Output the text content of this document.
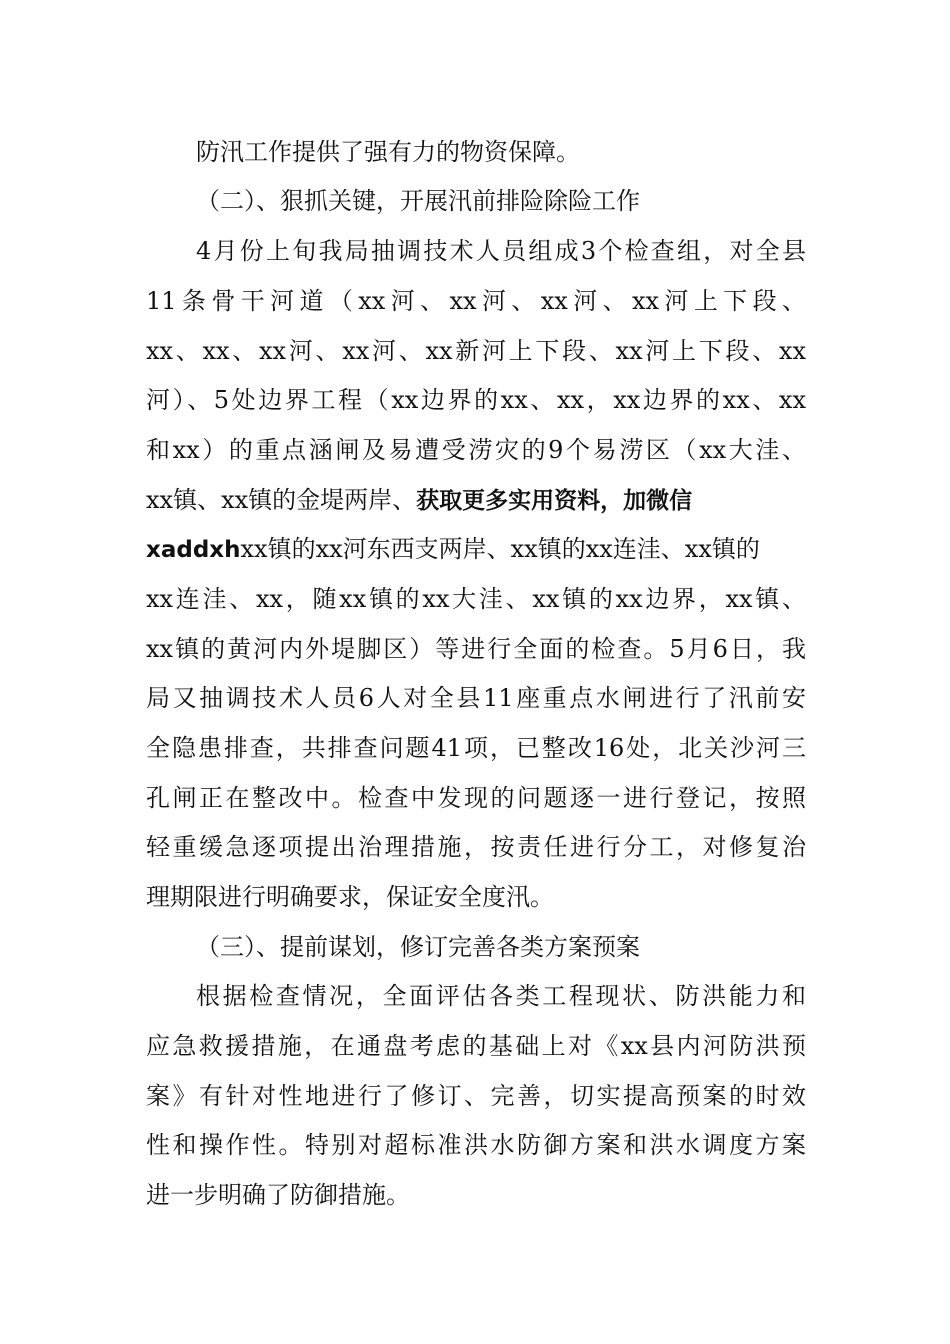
防汛工作提供了强有力的物资保障。
（二）、狠抓关键，开展汛前排险除险工作
4月份上旬我局抽调技术人员组成3个检查组，对全县
11条骨干河道（xx河、xx河、xx河、xx河上下段、
xx、xx、xx河、xx河、xx新河上下段、xx河上下段、xx
河）、5处边界工程（xx边界的xx、xx，xx边界的xx、xx
和xx）的重点涵闸及易遭受涝灾的9个易涝区（xx大洼、
xx镇、xx镇的金堤两岸、获取更多实用资料，加微信
xaddxhxx镇的xx河东西支两岸、xx镇的xx连洼、xx镇的
xx连洼、xx，随xx镇的xx大洼、xx镇的xx边界，xx镇、
xx镇的黄河内外堤脚区）等进行全面的检查。5月6日，我
局又抽调技术人员6人对全县11座重点水闸进行了汛前安
全隐患排查，共排查问题41项，已整改16处，北关沙河三
孔闸正在整改中。检查中发现的问题逐一进行登记，按照
轻重缓急逐项提出治理措施，按责任进行分工，对修复治
理期限进行明确要求，保证安全度汛。
（三）、提前谋划，修订完善各类方案预案
根据检查情况，全面评估各类工程现状、防洪能力和
应急救援措施，在通盘考虑的基础上对《xx县内河防洪预
案》有针对性地进行了修订、完善，切实提高预案的时效
性和操作性。特别对超标准洪水防御方案和洪水调度方案
进一步明确了防御措施。
